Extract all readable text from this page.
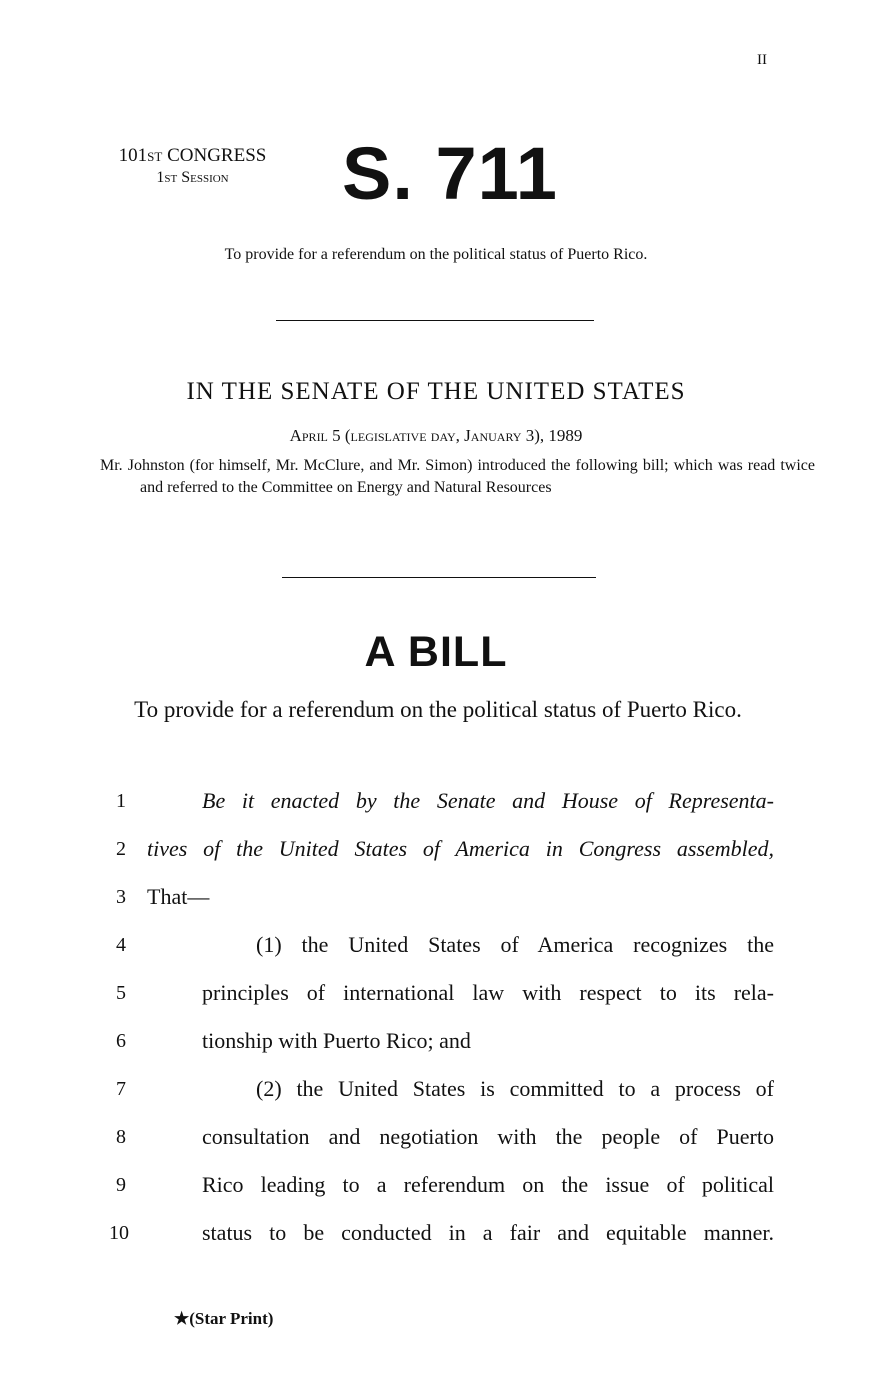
II
101st CONGRESS
1st Session	S. 711
To provide for a referendum on the political status of Puerto Rico.
IN THE SENATE OF THE UNITED STATES
April 5 (legislative day, January 3), 1989
Mr. Johnston (for himself, Mr. McClure, and Mr. Simon) introduced the following bill; which was read twice and referred to the Committee on Energy and Natural Resources
A BILL
To provide for a referendum on the political status of Puerto Rico.
1	Be it enacted by the Senate and House of Representa-
2 tives of the United States of America in Congress assembled,
3 That—
4	(1) the United States of America recognizes the
5	principles of international law with respect to its rela-
6	tionship with Puerto Rico; and
7	(2) the United States is committed to a process of
8	consultation and negotiation with the people of Puerto
9	Rico leading to a referendum on the issue of political
10	status to be conducted in a fair and equitable manner.
★(Star Print)
